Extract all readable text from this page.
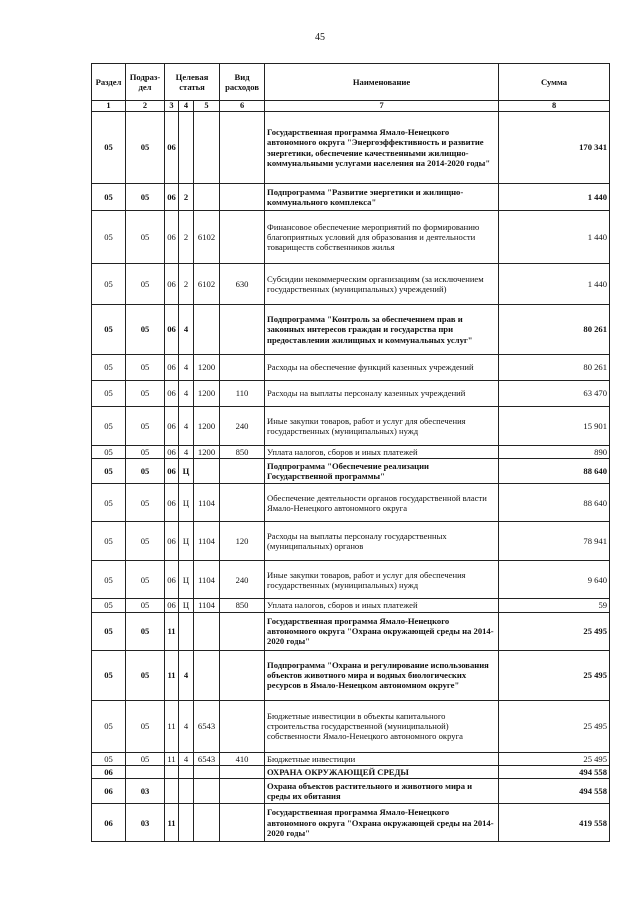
45
Раздел	Подраз-дел	Целевая статья			Вид расходов	Наименование	Сумма
1	2	3	4	5	6	7	8
05	05	06				Государственная программа Ямало-Ненецкого автономного округа "Энергоэффективность и развитие энергетики, обеспечение качественными жилищно-коммунальными услугами населения на 2014-2020 годы"	170 341
05	05	06	2			Подпрограмма "Развитие энергетики и жилищно-коммунального комплекса"	1 440
05	05	06	2	6102		Финансовое обеспечение мероприятий по формированию благоприятных условий для образования и деятельности товариществ собственников жилья	1 440
05	05	06	2	6102	630	Субсидии некоммерческим организациям (за исключением государственных (муниципальных) учреждений)	1 440
05	05	06	4			Подпрограмма "Контроль за обеспечением прав и законных интересов граждан и государства при предоставлении жилищных и коммунальных услуг"	80 261
05	05	06	4	1200		Расходы на обеспечение функций казенных учреждений	80 261
05	05	06	4	1200	110	Расходы на выплаты персоналу казенных учреждений	63 470
05	05	06	4	1200	240	Иные закупки товаров, работ и услуг для обеспечения государственных (муниципальных) нужд	15 901
05	05	06	4	1200	850	Уплата налогов, сборов и иных платежей	890
05	05	06	Ц			Подпрограмма "Обеспечение реализации Государственной программы"	88 640
05	05	06	Ц	1104		Обеспечение деятельности органов государственной власти Ямало-Ненецкого автономного округа	88 640
05	05	06	Ц	1104	120	Расходы на выплаты персоналу государственных (муниципальных) органов	78 941
05	05	06	Ц	1104	240	Иные закупки товаров, работ и услуг для обеспечения государственных (муниципальных) нужд	9 640
05	05	06	Ц	1104	850	Уплата налогов, сборов и иных платежей	59
05	05	11				Государственная программа Ямало-Ненецкого автономного округа "Охрана окружающей среды на 2014-2020 годы"	25 495
05	05	11	4			Подпрограмма "Охрана и регулирование использования объектов животного мира и водных биологических ресурсов в Ямало-Ненецком автономном округе"	25 495
05	05	11	4	6543		Бюджетные инвестиции в объекты капитального строительства государственной (муниципальной) собственности Ямало-Ненецкого автономного округа	25 495
05	05	11	4	6543	410	Бюджетные инвестиции	25 495
06						ОХРАНА ОКРУЖАЮЩЕЙ СРЕДЫ	494 558
06	03					Охрана объектов растительного и животного мира и среды их обитания	494 558
06	03	11				Государственная программа Ямало-Ненецкого автономного округа "Охрана окружающей среды на 2014-2020 годы"	419 558
